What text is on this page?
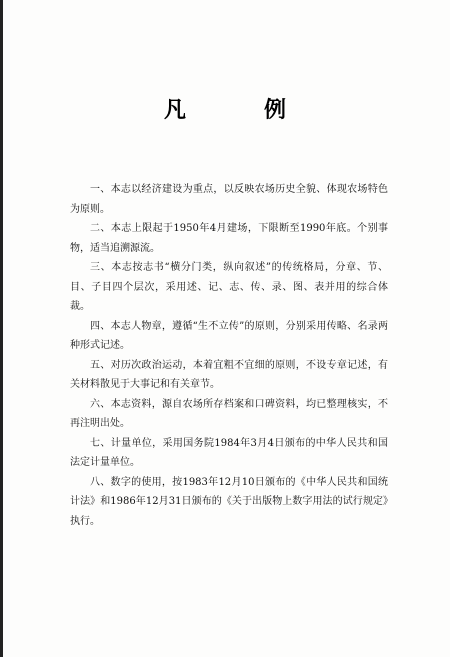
凡　例

一、本志以经济建设为重点，以反映农场历史全貌、体现农场特色为原则。

二、本志上限起于1950年4月建场，下限断至1990年底。个别事物，适当追溯源流。

三、本志按志书“横分门类，纵向叙述”的传统格局，分章、节、目、子目四个层次，采用述、记、志、传、录、图、表并用的综合体裁。

四、本志人物章，遵循“生不立传”的原则，分别采用传略、名录两种形式记述。

五、对历次政治运动，本着宜粗不宜细的原则，不设专章记述，有关材料散见于大事记和有关章节。

六、本志资料，源自农场所存档案和口碑资料，均已整理核实，不再注明出处。

七、计量单位，采用国务院1984年3月4日颁布的中华人民共和国法定计量单位。

八、数字的使用，按1983年12月10日颁布的《中华人民共和国统计法》和1986年12月31日颁布的《关于出版物上数字用法的试行规定》执行。
